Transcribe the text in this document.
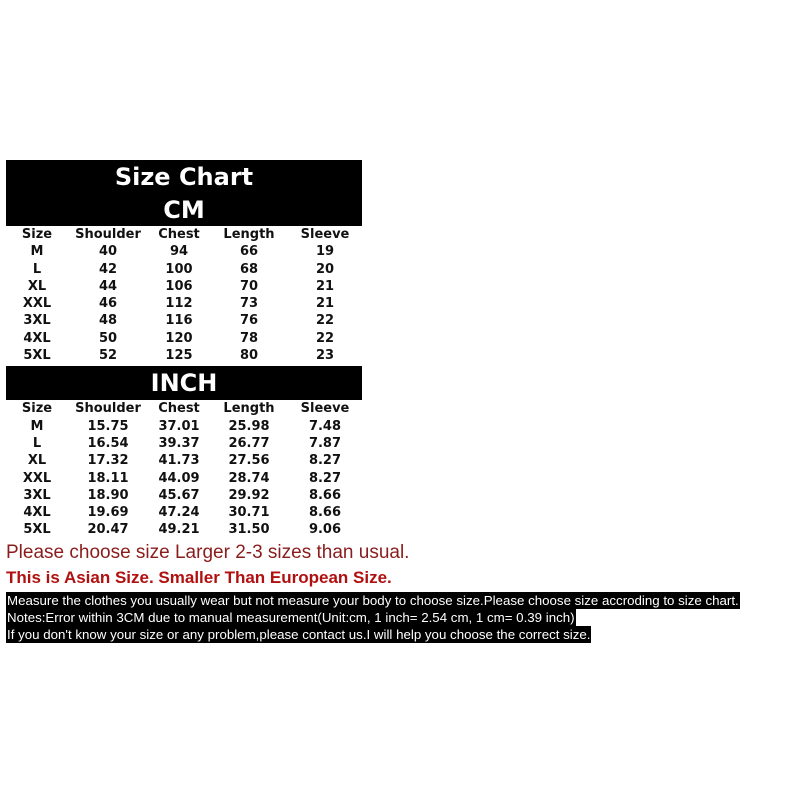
Size Chart
CM
Size	Shoulder	Chest	Length	Sleeve
M	40	94	66	19
L	42	100	68	20
XL	44	106	70	21
XXL	46	112	73	21
3XL	48	116	76	22
4XL	50	120	78	22
5XL	52	125	80	23
INCH
Size	Shoulder	Chest	Length	Sleeve
M	15.75	37.01	25.98	7.48
L	16.54	39.37	26.77	7.87
XL	17.32	41.73	27.56	8.27
XXL	18.11	44.09	28.74	8.27
3XL	18.90	45.67	29.92	8.66
4XL	19.69	47.24	30.71	8.66
5XL	20.47	49.21	31.50	9.06
Please choose size Larger 2-3 sizes than usual.
This is Asian Size. Smaller Than European Size.
Measure the clothes you usually wear but not measure your body to choose size.Please choose size accroding to size chart.
Notes:Error within 3CM due to manual measurement(Unit:cm, 1 inch= 2.54 cm, 1 cm= 0.39 inch)
If you don't know your size or any problem,please contact us.I will help you choose the correct size.
